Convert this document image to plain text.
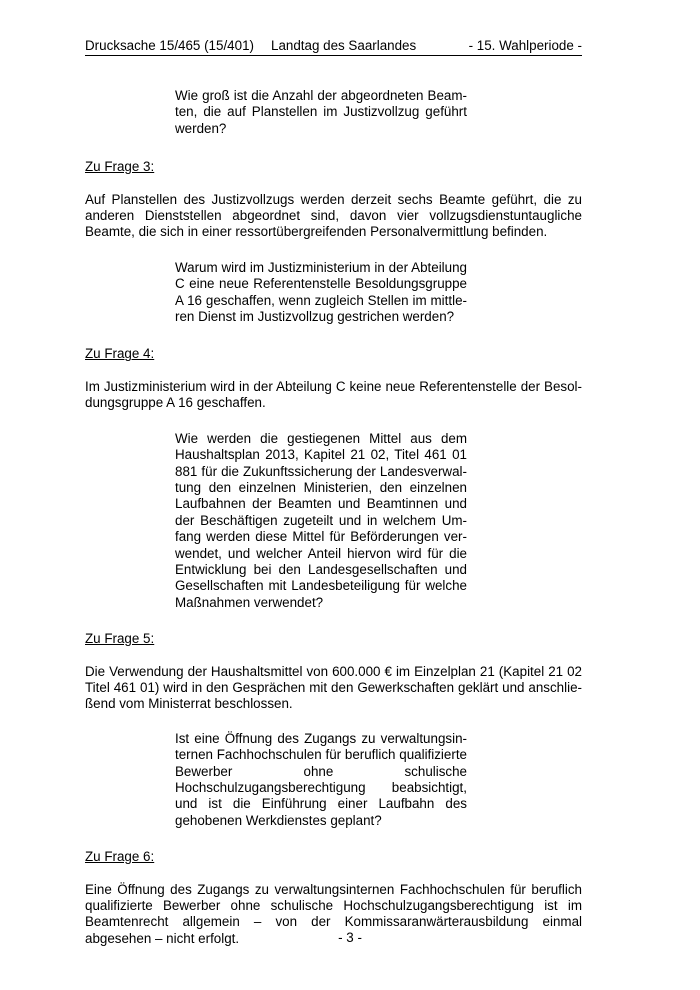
Drucksache 15/465 (15/401) Landtag des Saarlandes	- 15. Wahlperiode -

Wie groß ist die Anzahl der abgeordneten Beamten, die auf Planstellen im Justizvollzug geführt werden?

Zu Frage 3:

Auf Planstellen des Justizvollzugs werden derzeit sechs Beamte geführt, die zu anderen Dienststellen abgeordnet sind, davon vier vollzugsdienstuntaugliche Beamte, die sich in einer ressortübergreifenden Personalvermittlung befinden.

Warum wird im Justizministerium in der Abteilung C eine neue Referentenstelle Besoldungsgruppe A 16 geschaffen, wenn zugleich Stellen im mittleren Dienst im Justizvollzug gestrichen werden?

Zu Frage 4:

Im Justizministerium wird in der Abteilung C keine neue Referentenstelle der Besoldungsgruppe A 16 geschaffen.

Wie werden die gestiegenen Mittel aus dem Haushaltsplan 2013, Kapitel 21 02, Titel 461 01 881 für die Zukunftssicherung der Landesverwaltung den einzelnen Ministerien, den einzelnen Laufbahnen der Beamten und Beamtinnen und der Beschäftigen zugeteilt und in welchem Umfang werden diese Mittel für Beförderungen verwendet, und welcher Anteil hiervon wird für die Entwicklung bei den Landesgesellschaften und Gesellschaften mit Landesbeteiligung für welche Maßnahmen verwendet?

Zu Frage 5:

Die Verwendung der Haushaltsmittel von 600.000 € im Einzelplan 21 (Kapitel 21 02 Titel 461 01) wird in den Gesprächen mit den Gewerkschaften geklärt und anschließend vom Ministerrat beschlossen.

Ist eine Öffnung des Zugangs zu verwaltungsinternen Fachhochschulen für beruflich qualifizierte Bewerber ohne schulische Hochschulzugangsberechtigung beabsichtigt, und ist die Einführung einer Laufbahn des gehobenen Werkdienstes geplant?

Zu Frage 6:

Eine Öffnung des Zugangs zu verwaltungsinternen Fachhochschulen für beruflich qualifizierte Bewerber ohne schulische Hochschulzugangsberechtigung ist im Beamtenrecht allgemein – von der Kommissaranwärterausbildung einmal abgesehen – nicht erfolgt.	- 3 -
